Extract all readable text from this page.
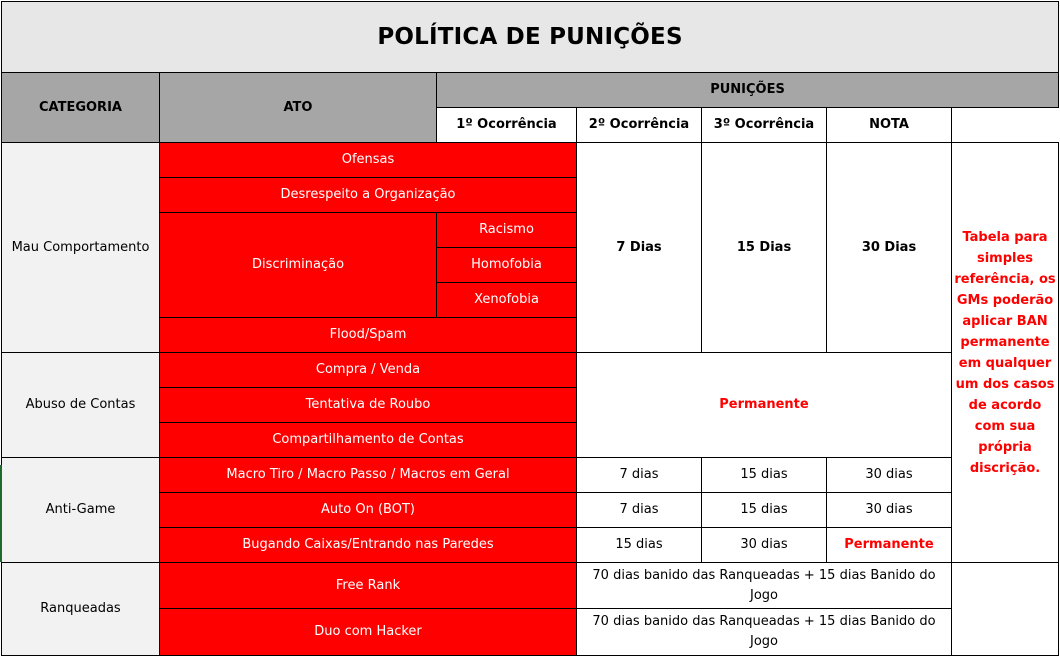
POLÍTICA DE PUNIÇÕES						
CATEGORIA	ATO	PUNIÇÕES				
		1º Ocorrência	2º Ocorrência	3º Ocorrência	NOTA	
Mau Comportamento	Ofensas		7 Dias	15 Dias	30 Dias	Tabela para simples referência, os GMs poderão aplicar BAN permanente em qualquer um dos casos de acordo com sua própria discrição.
	Desrespeito a Organização					
	Discriminação	Racismo				
		Homofobia				
		Xenofobia				
	Flood/Spam					
Abuso de Contas	Compra / Venda		Permanente			
	Tentativa de Roubo					
	Compartilhamento de Contas					
Anti-Game	Macro Tiro / Macro Passo / Macros em Geral		7 dias	15 dias	30 dias	
	Auto On (BOT)		7 dias	15 dias	30 dias	
	Bugando Caixas/Entrando nas Paredes		15 dias	30 dias	Permanente	
Ranqueadas	Free Rank		70 dias banido das Ranqueadas + 15 dias Banido do Jogo			
	Duo com Hacker		70 dias banido das Ranqueadas + 15 dias Banido do Jogo			
